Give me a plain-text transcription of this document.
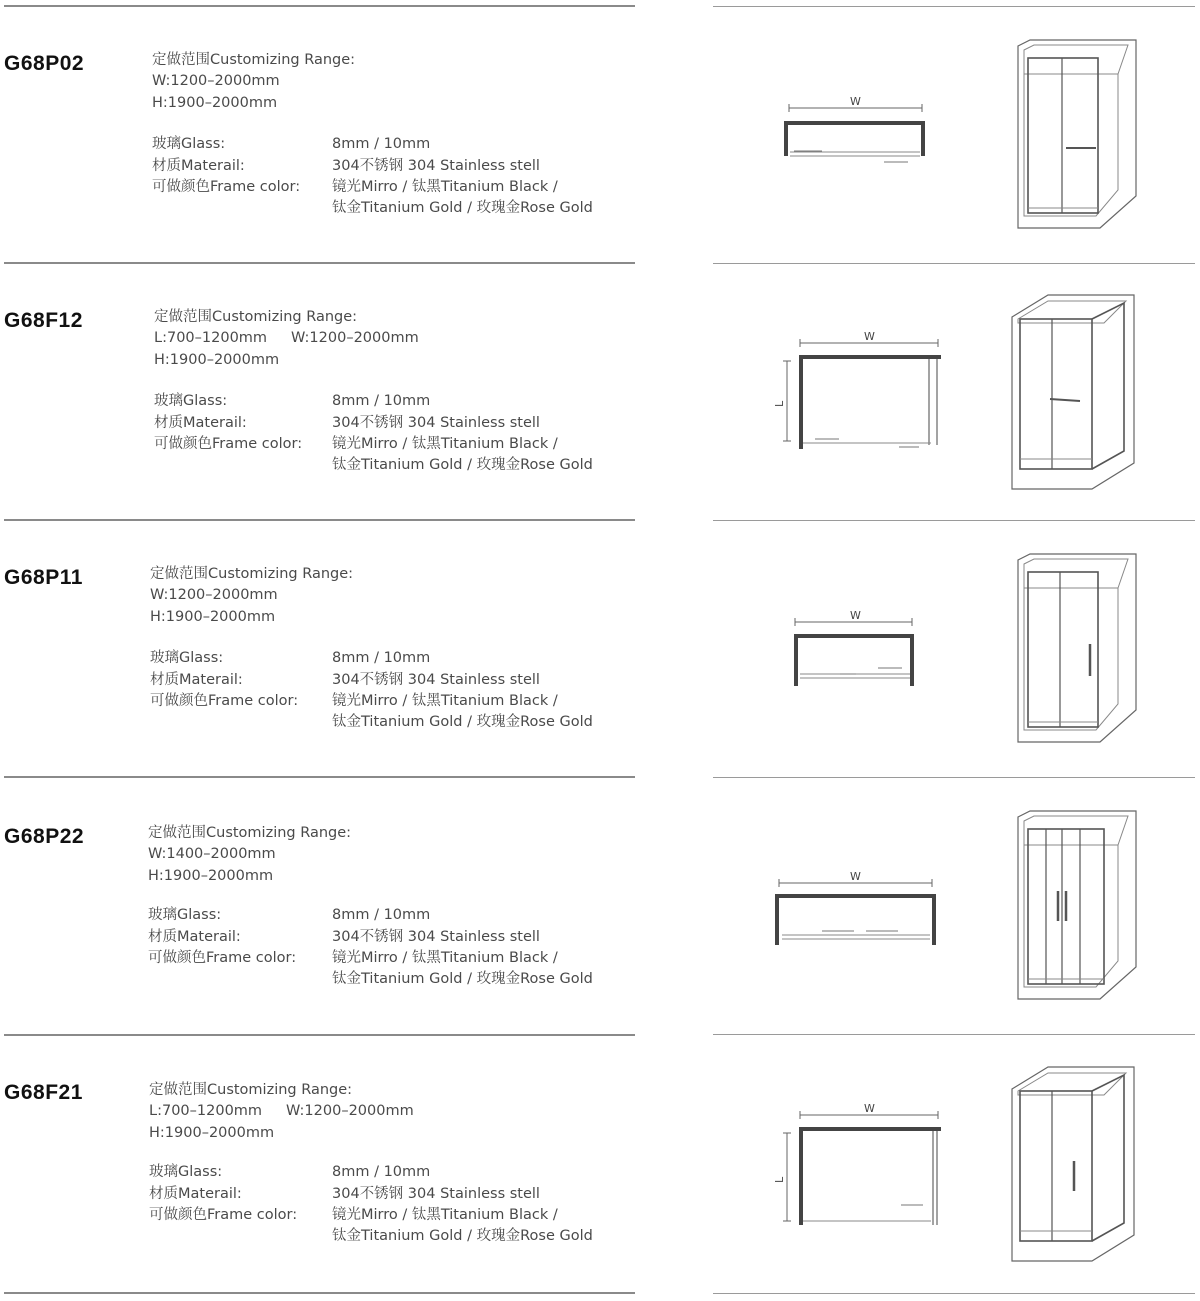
G68P02	定做范围Customizing Range:
W:1200–2000mm
H:1900–2000mm
玻璃Glass:	8mm / 10mm
材质Materail:	304不锈钢 304 Stainless stell
可做颜色Frame color: 镜光Mirro / 钛黑Titanium Black /
钛金Titanium Gold / 玫瑰金Rose Gold
W
G68F12	定做范围Customizing Range:
L:700–1200mm W:1200–2000mm
H:1900–2000mm
玻璃Glass:	8mm / 10mm
材质Materail:	304不锈钢 304 Stainless stell
可做颜色Frame color: 镜光Mirro / 钛黑Titanium Black /
钛金Titanium Gold / 玫瑰金Rose Gold
W
L
G68P11	定做范围Customizing Range:
W:1200–2000mm
H:1900–2000mm
玻璃Glass:	8mm / 10mm
材质Materail:	304不锈钢 304 Stainless stell
可做颜色Frame color: 镜光Mirro / 钛黑Titanium Black /
钛金Titanium Gold / 玫瑰金Rose Gold
W
G68P22	定做范围Customizing Range:
W:1400–2000mm
H:1900–2000mm
玻璃Glass:	8mm / 10mm
材质Materail:	304不锈钢 304 Stainless stell
可做颜色Frame color: 镜光Mirro / 钛黑Titanium Black /
钛金Titanium Gold / 玫瑰金Rose Gold
W
G68F21	定做范围Customizing Range:
L:700–1200mm W:1200–2000mm
H:1900–2000mm
玻璃Glass:	8mm / 10mm
材质Materail:	304不锈钢 304 Stainless stell
可做颜色Frame color: 镜光Mirro / 钛黑Titanium Black /
钛金Titanium Gold / 玫瑰金Rose Gold
W
L
